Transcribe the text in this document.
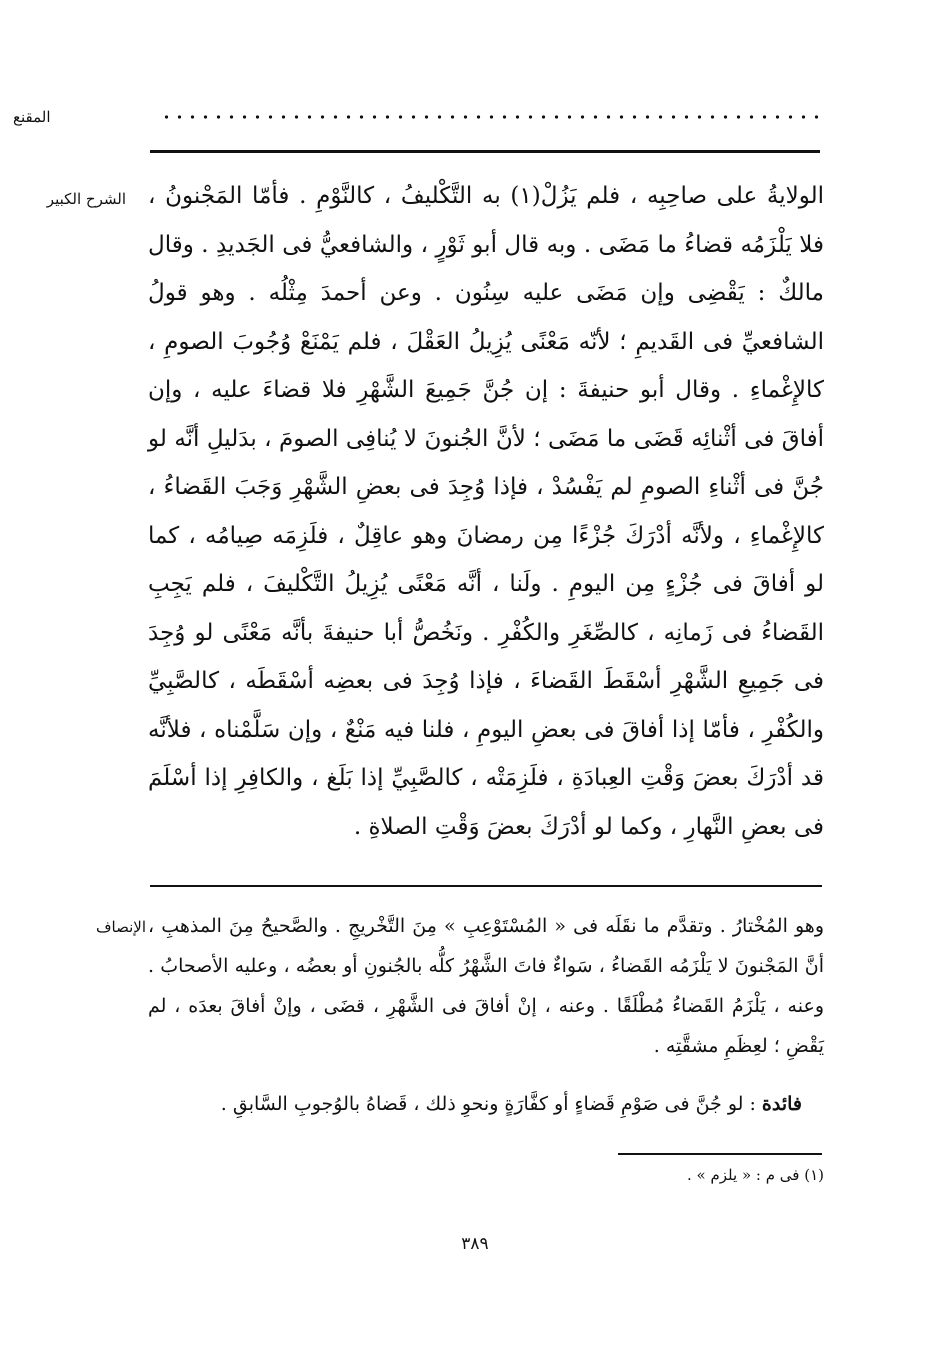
المقنع
الشرح الكبير الولايةُ على صاحِبِه ، فلم يَزُلْ(١) به التَّكْليفُ ، كالنَّوْمِ . فأمّا المَجْنونُ ، فلا يَلْزَمُه قضاءُ ما مَضَى . وبه قال أبو ثَوْرٍ ، والشافعيُّ فى الجَديدِ . وقال مالكٌ : يَقْضِى وإن مَضَى عليه سِنُون . وعن أحمدَ مِثْلُه . وهو قولُ الشافعيِّ فى القَديمِ ؛ لأنّه مَعْنًى يُزِيلُ العَقْلَ ، فلم يَمْنَعْ وُجُوبَ الصومِ ، كالإِغْماءِ . وقال أبو حنيفةَ : إن جُنَّ جَمِيعَ الشَّهْرِ فلا قضاءَ عليه ، وإن أفاقَ فى أثْنائِه قَضَى ما مَضَى ؛ لأنَّ الجُنونَ لا يُنافِى الصومَ ، بدَليلِ أنَّه لو جُنَّ فى أثْناءِ الصومِ لم يَفْسُدْ ، فإذا وُجِدَ فى بعضِ الشَّهْرِ وَجَبَ القَضاءُ ، كالإِغْماءِ ، ولأنَّه أدْرَكَ جُزْءًا مِن رمضانَ وهو عاقِلٌ ، فلَزِمَه صِيامُه ، كما لو أفاقَ فى جُزْءٍ مِن اليومِ . ولَنا ، أنَّه مَعْنًى يُزِيلُ التَّكْليفَ ، فلم يَجِبِ القَضاءُ فى زَمانِه ، كالصِّغَرِ والكُفْرِ . ونَخُصُّ أبا حنيفةَ بأنَّه مَعْنًى لو وُجِدَ فى جَمِيعِ الشَّهْرِ أسْقَطَ القَضاءَ ، فإذا وُجِدَ فى بعضِه أسْقَطَه ، كالصَّبِيِّ والكُفْرِ ، فأمّا إذا أفاقَ فى بعضِ اليومِ ، فلنا فيه مَنْعٌ ، وإن سَلَّمْناه ، فلأنَّه قد أدْرَكَ بعضَ وَقْتِ العِبادَةِ ، فلَزِمَتْه ، كالصَّبِيِّ إذا بَلَغ ، والكافِرِ إذا أسْلَمَ فى بعضِ النَّهارِ ، وكما لو أدْرَكَ بعضَ وَقْتِ الصلاةِ .

الإنصاف وهو المُخْتارُ . وتقدَّم ما نقَلَه فى « المُسْتَوْعِبِ » مِنَ التَّخْريجِ . والصَّحيحُ مِنَ المذهبِ ، أنَّ المَجْنونَ لا يَلْزَمُه القَضاءُ ، سَواءٌ فاتَ الشَّهْرُ كلُّه بالجُنونِ أو بعضُه ، وعليه الأصحابُ . وعنه ، يَلْزَمُ القَضاءُ مُطْلَقًا . وعنه ، إنْ أفاقَ فى الشَّهْرِ ، قضَى ، وإنْ أفاقَ بعدَه ، لم يَقْضِ ؛ لعِظَمِ مشقَّتِه .

فائدة : لو جُنَّ فى صَوْمِ قَضاءٍ أو كفَّارَةٍ ونحوِ ذلك ، قَضاهُ بالوُجوبِ السَّابقِ .

(١) فى م : « يلزم » .
٣٨٩
